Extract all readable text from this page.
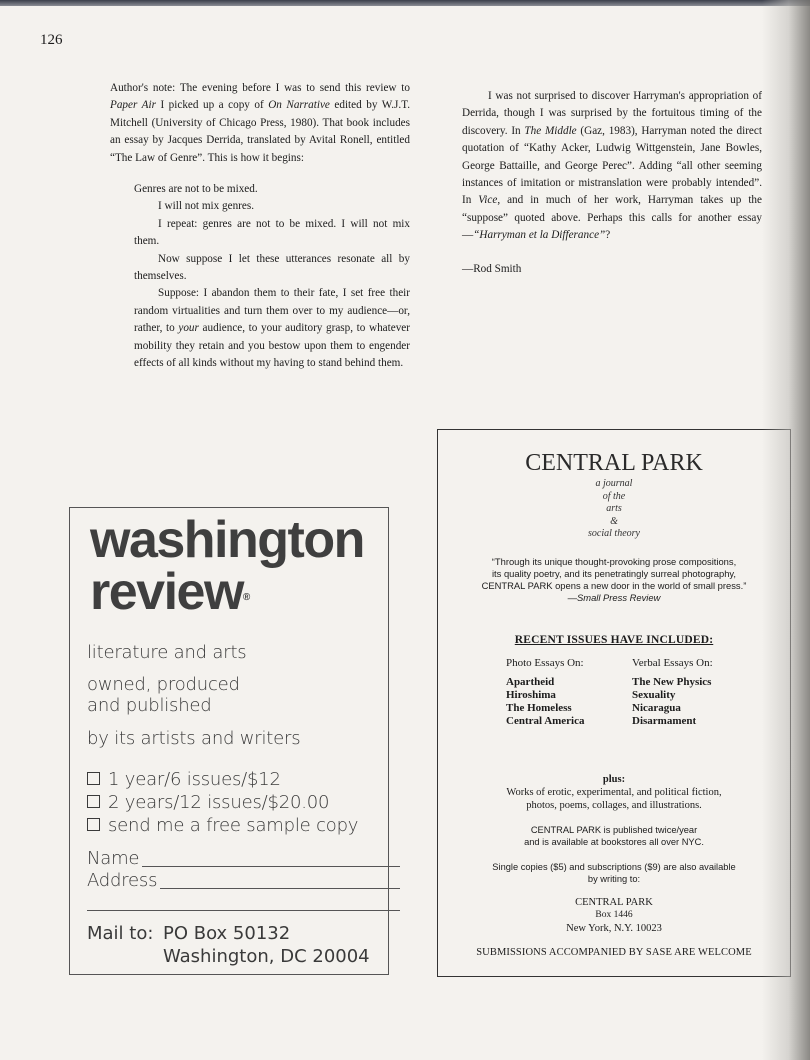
126

Author's note: The evening before I was to send this review to Paper Air I picked up a copy of On Narrative edited by W.J.T. Mitchell (University of Chicago Press, 1980). That book includes an essay by Jacques Derrida, translated by Avital Ronell, entitled “The Law of Genre”. This is how it begins:

Genres are not to be mixed.

I will not mix genres.

I repeat: genres are not to be mixed. I will not mix them.

Now suppose I let these utterances resonate all by themselves.

Suppose: I abandon them to their fate, I set free their random virtualities and turn them over to my audience—or, rather, to your audience, to your auditory grasp, to whatever mobility they retain and you bestow upon them to engender effects of all kinds without my having to stand behind them.

I was not surprised to discover Harryman's appropriation of Derrida, though I was surprised by the fortuitous timing of the discovery. In The Middle (Gaz, 1983), Harryman noted the direct quotation of “Kathy Acker, Ludwig Wittgenstein, Jane Bowles, George Battaille, and George Perec”. Adding “all other seeming instances of imitation or mistranslation were probably intended”. In Vice, and in much of her work, Harryman takes up the “suppose” quoted above. Perhaps this calls for another essay—“Harryman et la Differance”?

—Rod Smith

washington
review®
literature and arts
owned, produced
and published
by its artists and writers
1 year/6 issues/$12
2 years/12 issues/$20.00
send me a free sample copy
Name
Address
Mail to: PO Box 50132
Washington, DC 20004
CENTRAL PARK
a journal
of the
arts
&
social theory
“Through its unique thought-provoking prose compositions,
its quality poetry, and its penetratingly surreal photography,
CENTRAL PARK opens a new door in the world of small press.”
—Small Press Review
RECENT ISSUES HAVE INCLUDED:
Photo Essays On:
Apartheid
Hiroshima
The Homeless
Central America
Verbal Essays On:
The New Physics
Sexuality
Nicaragua
Disarmament
plus:
Works of erotic, experimental, and political fiction,
photos, poems, collages, and illustrations.
CENTRAL PARK is published twice/year
and is available at bookstores all over NYC.
Single copies ($5) and subscriptions ($9) are also available
by writing to:
CENTRAL PARK
Box 1446
New York, N.Y. 10023
SUBMISSIONS ACCOMPANIED BY SASE ARE WELCOME
